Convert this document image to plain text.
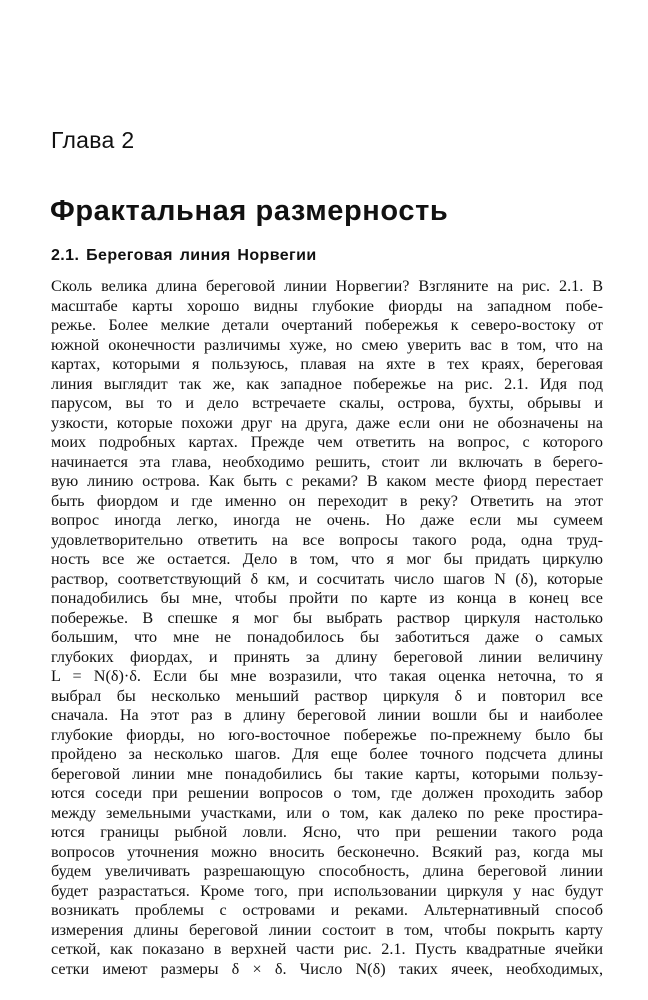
Глава 2
Фрактальная размерность
2.1. Береговая линия Норвегии
Сколь велика длина береговой линии Норвегии? Взгляните на рис. 2.1. В
масштабе карты хорошо видны глубокие фиорды на западном побе-
режье. Более мелкие детали очертаний побережья к северо-востоку от
южной оконечности различимы хуже, но смею уверить вас в том, что на
картах, которыми я пользуюсь, плавая на яхте в тех краях, береговая
линия выглядит так же, как западное побережье на рис. 2.1. Идя под
парусом, вы то и дело встречаете скалы, острова, бухты, обрывы и
узкости, которые похожи друг на друга, даже если они не обозначены на
моих подробных картах. Прежде чем ответить на вопрос, с которого
начинается эта глава, необходимо решить, стоит ли включать в берего-
вую линию острова. Как быть с реками? В каком месте фиорд перестает
быть фиордом и где именно он переходит в реку? Ответить на этот
вопрос иногда легко, иногда не очень. Но даже если мы сумеем
удовлетворительно ответить на все вопросы такого рода, одна труд-
ность все же остается. Дело в том, что я мог бы придать циркулю
раствор, соответствующий δ км, и сосчитать число шагов N (δ), которые
понадобились бы мне, чтобы пройти по карте из конца в конец все
побережье. В спешке я мог бы выбрать раствор циркуля настолько
большим, что мне не понадобилось бы заботиться даже о самых
глубоких фиордах, и принять за длину береговой линии величину
L = N(δ)·δ. Если бы мне возразили, что такая оценка неточна, то я
выбрал бы несколько меньший раствор циркуля δ и повторил все
сначала. На этот раз в длину береговой линии вошли бы и наиболее
глубокие фиорды, но юго-восточное побережье по-прежнему было бы
пройдено за несколько шагов. Для еще более точного подсчета длины
береговой линии мне понадобились бы такие карты, которыми пользу-
ются соседи при решении вопросов о том, где должен проходить забор
между земельными участками, или о том, как далеко по реке простира-
ются границы рыбной ловли. Ясно, что при решении такого рода
вопросов уточнения можно вносить бесконечно. Всякий раз, когда мы
будем увеличивать разрешающую способность, длина береговой линии
будет разрастаться. Кроме того, при использовании циркуля у нас будут
возникать проблемы с островами и реками. Альтернативный способ
измерения длины береговой линии состоит в том, чтобы покрыть карту
сеткой, как показано в верхней части рис. 2.1. Пусть квадратные ячейки
сетки имеют размеры δ × δ. Число N(δ) таких ячеек, необходимых,
